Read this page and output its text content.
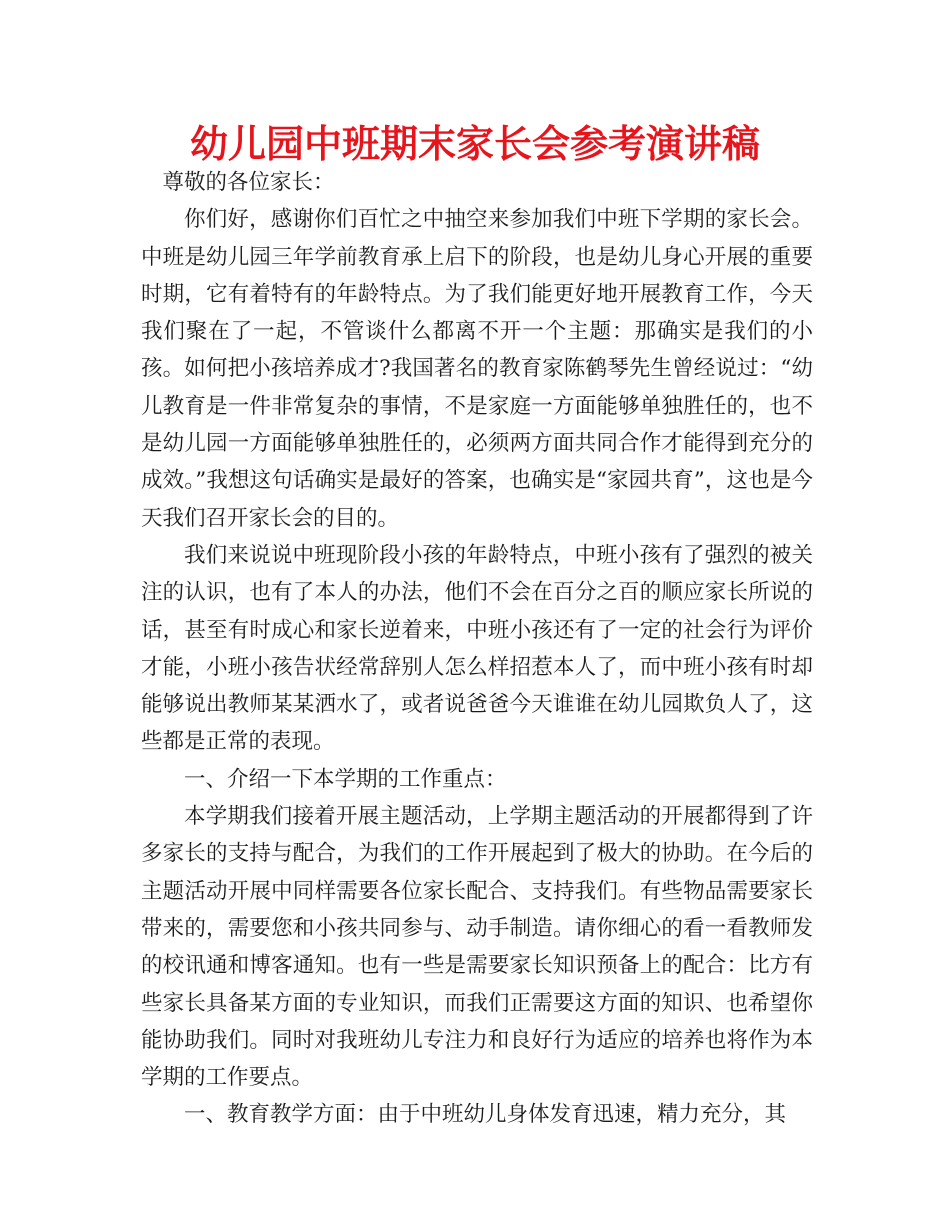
幼儿园中班期末家长会参考演讲稿

尊敬的各位家长：

你们好，感谢你们百忙之中抽空来参加我们中班下学期的家长会。中班是幼儿园三年学前教育承上启下的阶段，也是幼儿身心开展的重要时期，它有着特有的年龄特点。为了我们能更好地开展教育工作，今天我们聚在了一起，不管谈什么都离不开一个主题：那确实是我们的小孩。如何把小孩培养成才?我国著名的教育家陈鹤琴先生曾经说过：“幼儿教育是一件非常复杂的事情，不是家庭一方面能够单独胜任的，也不是幼儿园一方面能够单独胜任的，必须两方面共同合作才能得到充分的成效。”我想这句话确实是最好的答案，也确实是“家园共育”，这也是今天我们召开家长会的目的。

我们来说说中班现阶段小孩的年龄特点，中班小孩有了强烈的被关注的认识，也有了本人的办法，他们不会在百分之百的顺应家长所说的话，甚至有时成心和家长逆着来，中班小孩还有了一定的社会行为评价才能，小班小孩告状经常辞别人怎么样招惹本人了，而中班小孩有时却能够说出教师某某洒水了，或者说爸爸今天谁谁在幼儿园欺负人了，这些都是正常的表现。

一、介绍一下本学期的工作重点：

本学期我们接着开展主题活动，上学期主题活动的开展都得到了许多家长的支持与配合，为我们的工作开展起到了极大的协助。在今后的主题活动开展中同样需要各位家长配合、支持我们。有些物品需要家长带来的，需要您和小孩共同参与、动手制造。请你细心的看一看教师发的校讯通和博客通知。也有一些是需要家长知识预备上的配合：比方有些家长具备某方面的专业知识，而我们正需要这方面的知识、也希望你能协助我们。同时对我班幼儿专注力和良好行为适应的培养也将作为本学期的工作要点。

一、教育教学方面：由于中班幼儿身体发育迅速，精力充分，其
